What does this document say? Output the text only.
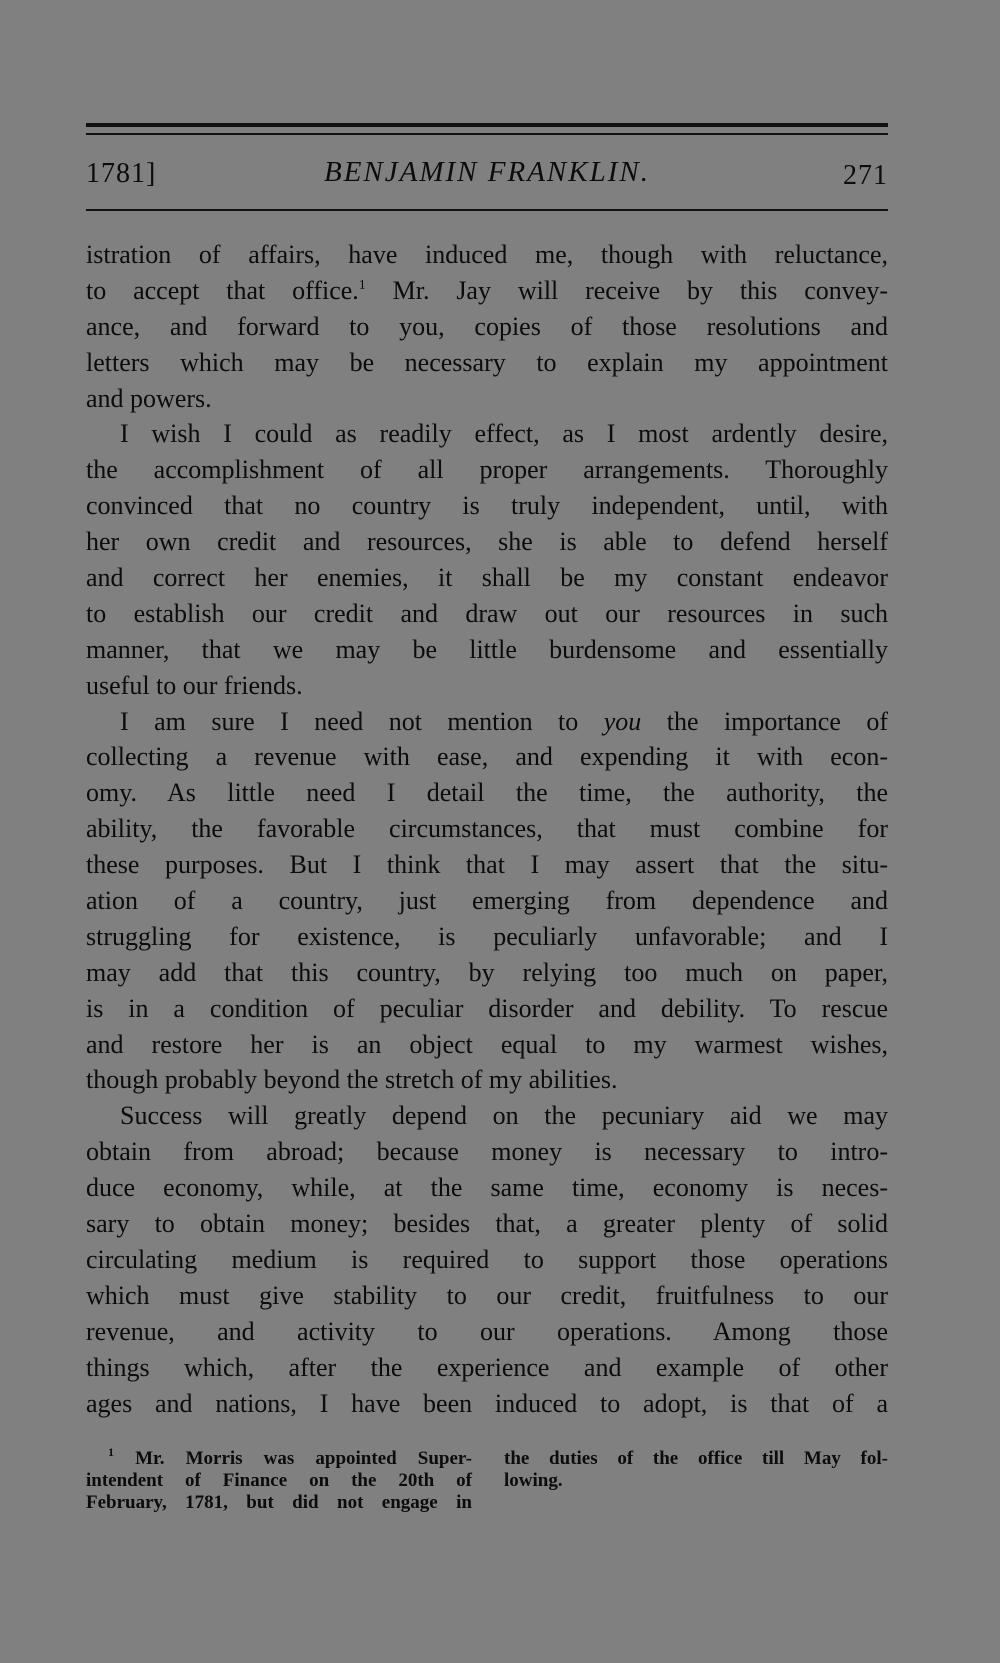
1781]	BENJAMIN FRANKLIN.	271
istration of affairs, have induced me, though with reluctance,
to accept that office.$^1$ Mr. Jay will receive by this convey-
ance, and forward to you, copies of those resolutions and
letters which may be necessary to explain my appointment
and powers.
I wish I could as readily effect, as I most ardently desire,
the accomplishment of all proper arrangements. Thoroughly
convinced that no country is truly independent, until, with
her own credit and resources, she is able to defend herself
and correct her enemies, it shall be my constant endeavor
to establish our credit and draw out our resources in such
manner, that we may be little burdensome and essentially
useful to our friends.
I am sure I need not mention to you the importance of
collecting a revenue with ease, and expending it with econ-
omy. As little need I detail the time, the authority, the
ability, the favorable circumstances, that must combine for
these purposes. But I think that I may assert that the situ-
ation of a country, just emerging from dependence and
struggling for existence, is peculiarly unfavorable; and I
may add that this country, by relying too much on paper,
is in a condition of peculiar disorder and debility. To rescue
and restore her is an object equal to my warmest wishes,
though probably beyond the stretch of my abilities.
Success will greatly depend on the pecuniary aid we may
obtain from abroad; because money is necessary to intro-
duce economy, while, at the same time, economy is neces-
sary to obtain money; besides that, a greater plenty of solid
circulating medium is required to support those operations
which must give stability to our credit, fruitfulness to our
revenue, and activity to our operations. Among those
things which, after the experience and example of other
ages and nations, I have been induced to adopt, is that of a
$^1$ Mr. Morris was appointed Super-
intendent of Finance on the 20th of
February, 1781, but did not engage in
the duties of the office till May fol-
lowing.
